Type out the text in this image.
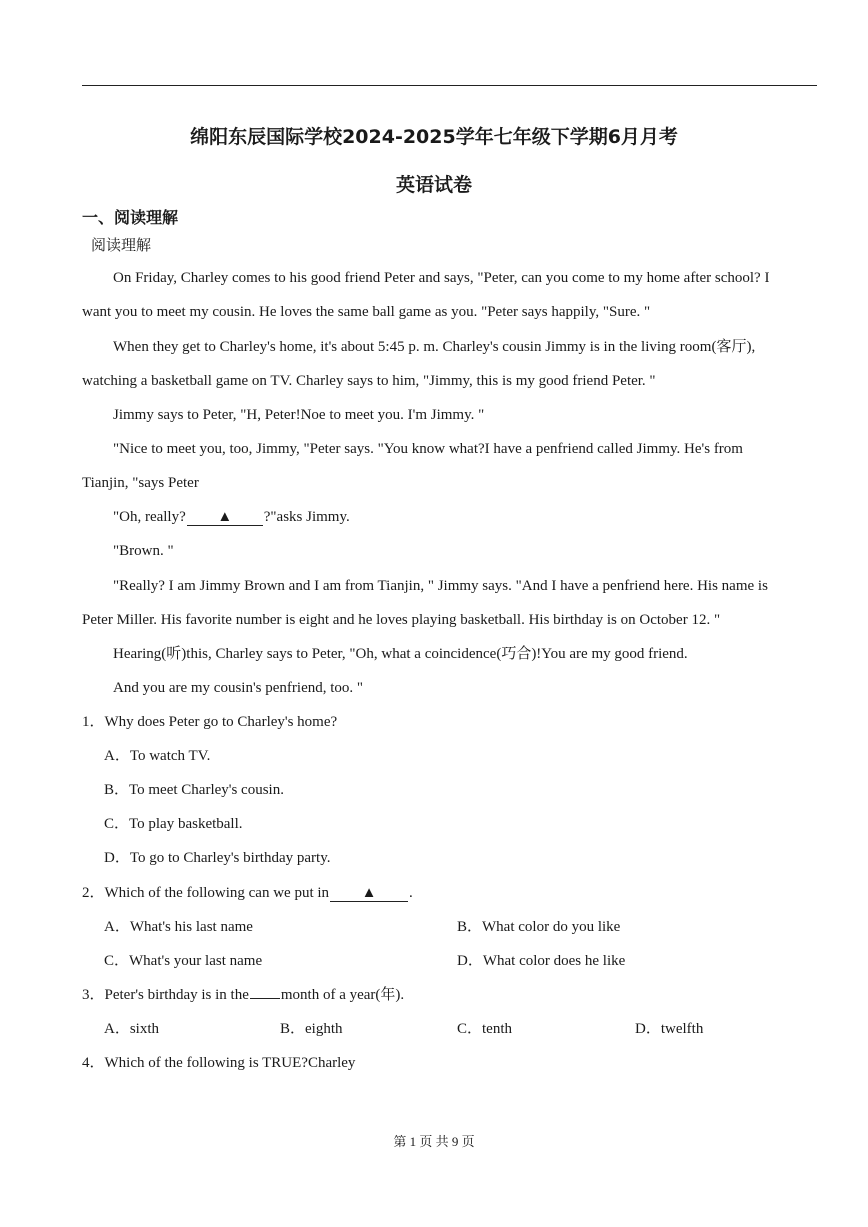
绵阳东辰国际学校2024-2025学年七年级下学期6月月考
英语试卷
一、阅读理解
阅读理解
On Friday, Charley comes to his good friend Peter and says, "Peter, can you come to my home after school? I
want you to meet my cousin. He loves the same ball game as you. "Peter says happily, "Sure. "
When they get to Charley's home, it's about 5:45 p. m. Charley's cousin Jimmy is in the living room(客厅),
watching a basketball game on TV. Charley says to him, "Jimmy, this is my good friend Peter. "
Jimmy says to Peter, "H, Peter!Noe to meet you. I'm Jimmy. "
"Nice to meet you, too, Jimmy, "Peter says. "You know what?I have a penfriend called Jimmy. He's from
Tianjin, "says Peter
"Oh, really? ▲ ?"asks Jimmy.
"Brown. "
"Really? I am Jimmy Brown and I am from Tianjin, " Jimmy says. "And I have a penfriend here. His name is
Peter Miller. His favorite number is eight and he loves playing basketball. His birthday is on October 12. "
Hearing(听)this, Charley says to Peter, "Oh, what a coincidence(巧合)!You are my good friend.
And you are my cousin's penfriend, too. "
1．Why does Peter go to Charley's home?
A．To watch TV.
B．To meet Charley's cousin.
C．To play basketball.
D．To go to Charley's birthday party.
2．Which of the following can we put in ▲ .
A．What's his last name	B．What color do you like
C．What's your last name	D．What color does he like
3．Peter's birthday is in the month of a year(年).
A．sixth	B．eighth	C．tenth	D．twelfth
4．Which of the following is TRUE?Charley
第 1 页 共 9 页
